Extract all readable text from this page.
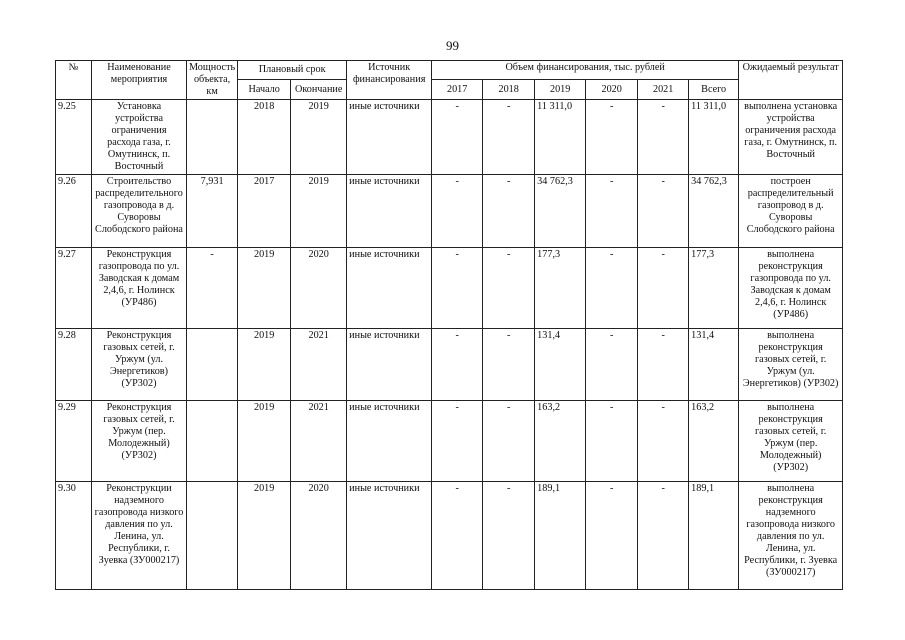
99
№	Наименование мероприятия	Мощность объекта, км	Плановый срок		Источник финансирования	Объем финансирования, тыс. рублей						Ожидаемый результат
			Начало	Окончание		2017	2018	2019	2020	2021	Всего	

9.25	Установка устройства ограничения расхода газа, г. Омутнинск, п. Восточный		2018	2019	иные источники	-	-	11 311,0	-	-	11 311,0	выполнена установка устройства ограничения расхода газа, г. Омутнинск, п. Восточный
9.26	Строительство распределительного газопровода в д. Суворовы Слободского района	7,931	2017	2019	иные источники	-	-	34 762,3	-	-	34 762,3	построен распределительный газопровод в д. Суворовы Слободского района
9.27	Реконструкция газопровода по ул. Заводская к домам 2,4,6, г. Нолинск (УР486)	-	2019	2020	иные источники	-	-	177,3	-	-	177,3	выполнена реконструкция газопровода по ул. Заводская к домам 2,4,6, г. Нолинск (УР486)
9.28	Реконструкция газовых сетей, г. Уржум (ул. Энергетиков) (УР302)		2019	2021	иные источники	-	-	131,4	-	-	131,4	выполнена реконструкция газовых сетей, г. Уржум (ул. Энергетиков) (УР302)
9.29	Реконструкция газовых сетей, г. Уржум (пер. Молодежный) (УР302)		2019	2021	иные источники	-	-	163,2	-	-	163,2	выполнена реконструкция газовых сетей, г. Уржум (пер. Молодежный) (УР302)
9.30	Реконструкции надземного газопровода низкого давления по ул. Ленина, ул. Республики, г. Зуевка (ЗУ000217)		2019	2020	иные источники	-	-	189,1	-	-	189,1	выполнена реконструкция надземного газопровода низкого давления по ул. Ленина, ул. Республики, г. Зуевка (ЗУ000217)
